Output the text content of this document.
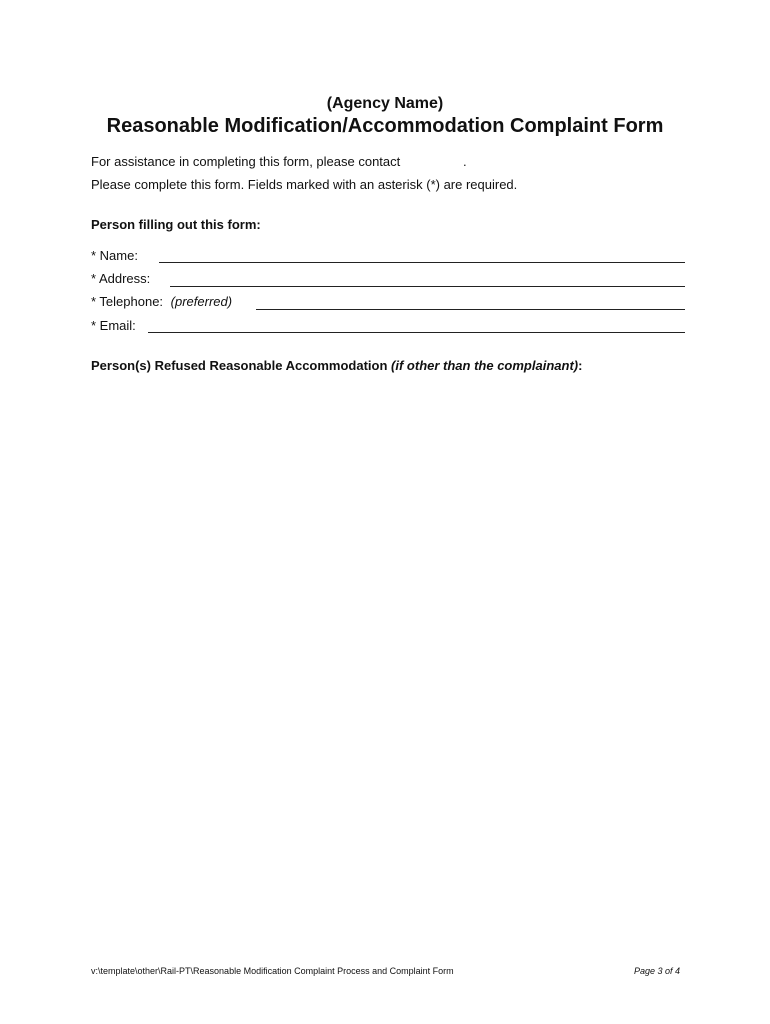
(Agency Name)
Reasonable Modification/Accommodation Complaint Form
For assistance in completing this form, please contact	.
Please complete this form. Fields marked with an asterisk (*) are required.
Person filling out this form:
* Name:
* Address:
* Telephone: (preferred)
* Email:
Person(s) Refused Reasonable Accommodation (if other than the complainant):
v:\template\other\Rail-PT\Reasonable Modification Complaint Process and Complaint Form	Page 3 of 4
